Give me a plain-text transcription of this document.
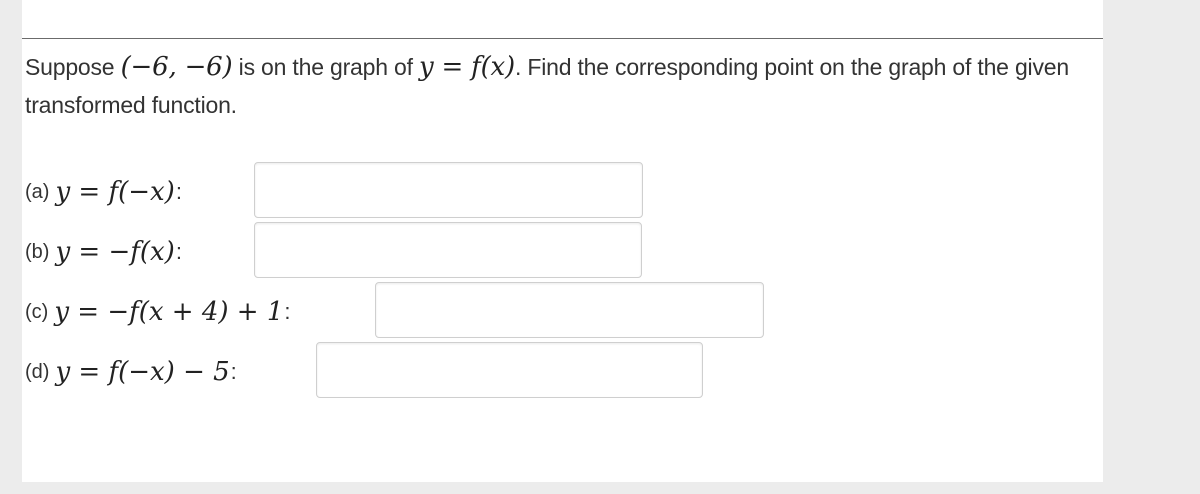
Suppose (−6, −6) is on the graph of y = f(x). Find the corresponding point on the graph of the given transformed function.
(a) y = f(−x) :
(b) y = −f(x) :
(c) y = −f(x + 4) + 1 :
(d) y = f(−x) − 5 :
